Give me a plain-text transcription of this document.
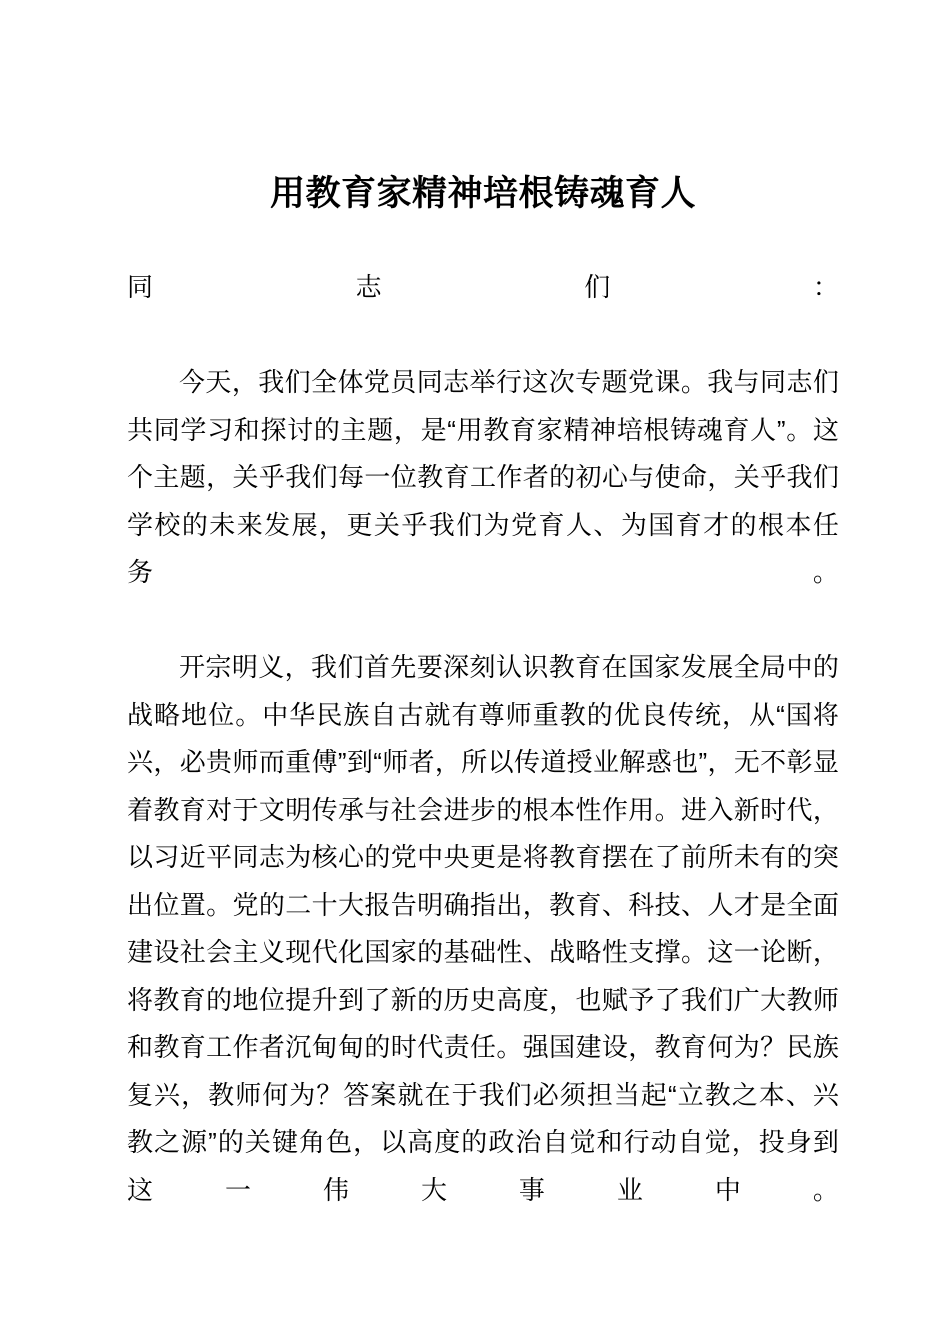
用教育家精神培根铸魂育人

同志们：

今天，我们全体党员同志举行这次专题党课。我与同志们共同学习和探讨的主题，是“用教育家精神培根铸魂育人”。这个主题，关乎我们每一位教育工作者的初心与使命，关乎我们学校的未来发展，更关乎我们为党育人、为国育才的根本任务。

开宗明义，我们首先要深刻认识教育在国家发展全局中的战略地位。中华民族自古就有尊师重教的优良传统，从“国将兴，必贵师而重傅”到“师者，所以传道授业解惑也”，无不彰显着教育对于文明传承与社会进步的根本性作用。进入新时代，以习近平同志为核心的党中央更是将教育摆在了前所未有的突出位置。党的二十大报告明确指出，教育、科技、人才是全面建设社会主义现代化国家的基础性、战略性支撑。这一论断，将教育的地位提升到了新的历史高度，也赋予了我们广大教师和教育工作者沉甸甸的时代责任。强国建设，教育何为？民族复兴，教师何为？答案就在于我们必须担当起“立教之本、兴教之源”的关键角色，以高度的政治自觉和行动自觉，投身到这一伟大事业中。
